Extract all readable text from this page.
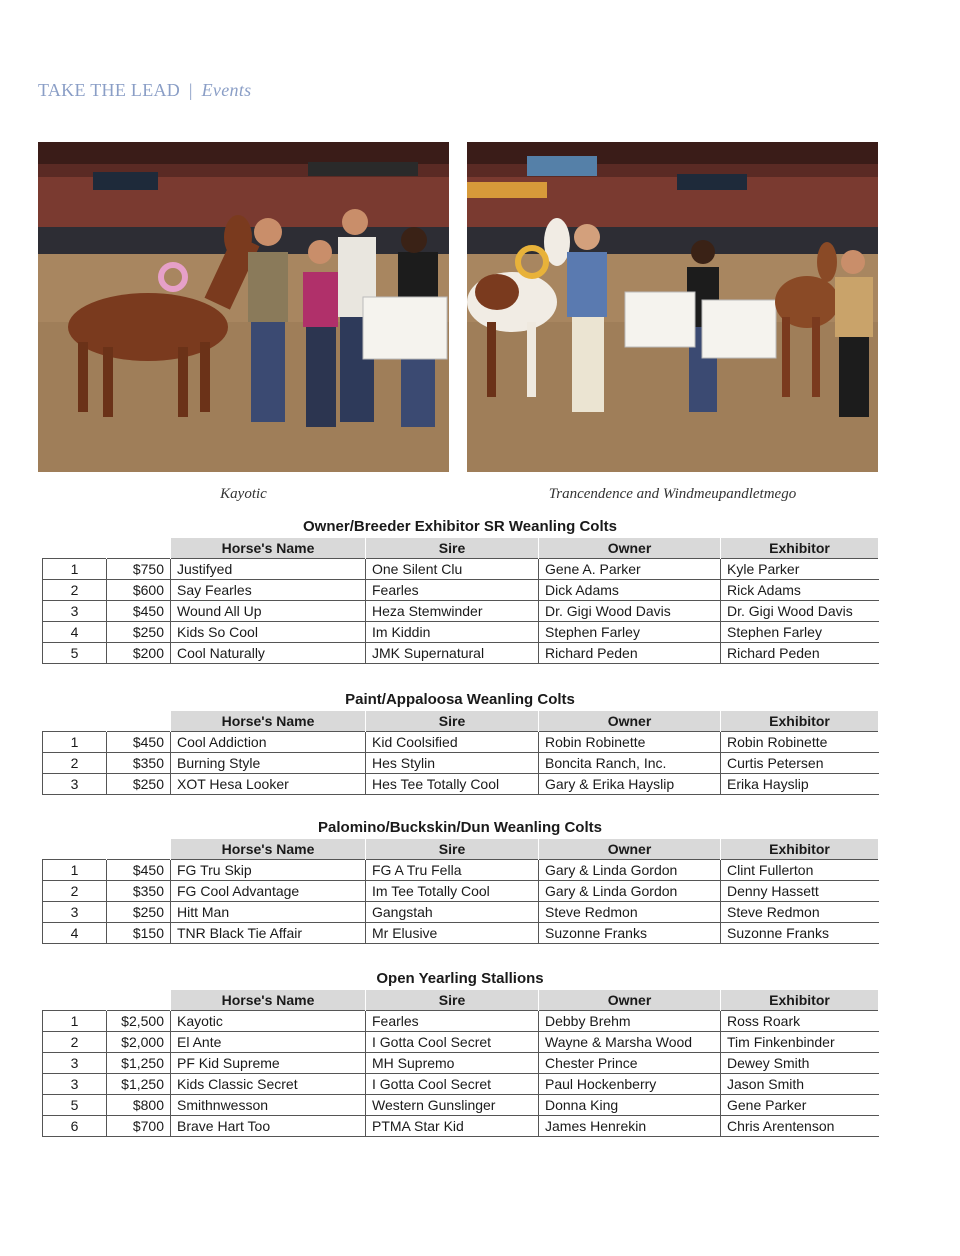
TAKE THE LEAD | Events
Kayotic	Trancendence and Windmeupandletmego
Owner/Breeder Exhibitor SR Weanling Colts
		Horse's Name	Sire	Owner	Exhibitor
1	$750	Justifyed	One Silent Clu	Gene A. Parker	Kyle Parker
2	$600	Say Fearles	Fearles	Dick Adams	Rick Adams
3	$450	Wound All Up	Heza Stemwinder	Dr. Gigi Wood Davis	Dr. Gigi Wood Davis
4	$250	Kids So Cool	Im Kiddin	Stephen Farley	Stephen Farley
5	$200	Cool Naturally	JMK Supernatural	Richard Peden	Richard Peden
Paint/Appaloosa Weanling Colts
		Horse's Name	Sire	Owner	Exhibitor
1	$450	Cool Addiction	Kid Coolsified	Robin Robinette	Robin Robinette
2	$350	Burning Style	Hes Stylin	Boncita Ranch, Inc.	Curtis Petersen
3	$250	XOT Hesa Looker	Hes Tee Totally Cool	Gary & Erika Hayslip	Erika Hayslip
Palomino/Buckskin/Dun Weanling Colts
		Horse's Name	Sire	Owner	Exhibitor
1	$450	FG Tru Skip	FG A Tru Fella	Gary & Linda Gordon	Clint Fullerton
2	$350	FG Cool Advantage	Im Tee Totally Cool	Gary & Linda Gordon	Denny Hassett
3	$250	Hitt Man	Gangstah	Steve Redmon	Steve Redmon
4	$150	TNR Black Tie Affair	Mr Elusive	Suzonne Franks	Suzonne Franks
Open Yearling Stallions
		Horse's Name	Sire	Owner	Exhibitor
1	$2,500	Kayotic	Fearles	Debby Brehm	Ross Roark
2	$2,000	El Ante	I Gotta Cool Secret	Wayne & Marsha Wood	Tim Finkenbinder
3	$1,250	PF Kid Supreme	MH Supremo	Chester Prince	Dewey Smith
3	$1,250	Kids Classic Secret	I Gotta Cool Secret	Paul Hockenberry	Jason Smith
5	$800	Smithnwesson	Western Gunslinger	Donna King	Gene Parker
6	$700	Brave Hart Too	PTMA Star Kid	James Henrekin	Chris Arentenson
